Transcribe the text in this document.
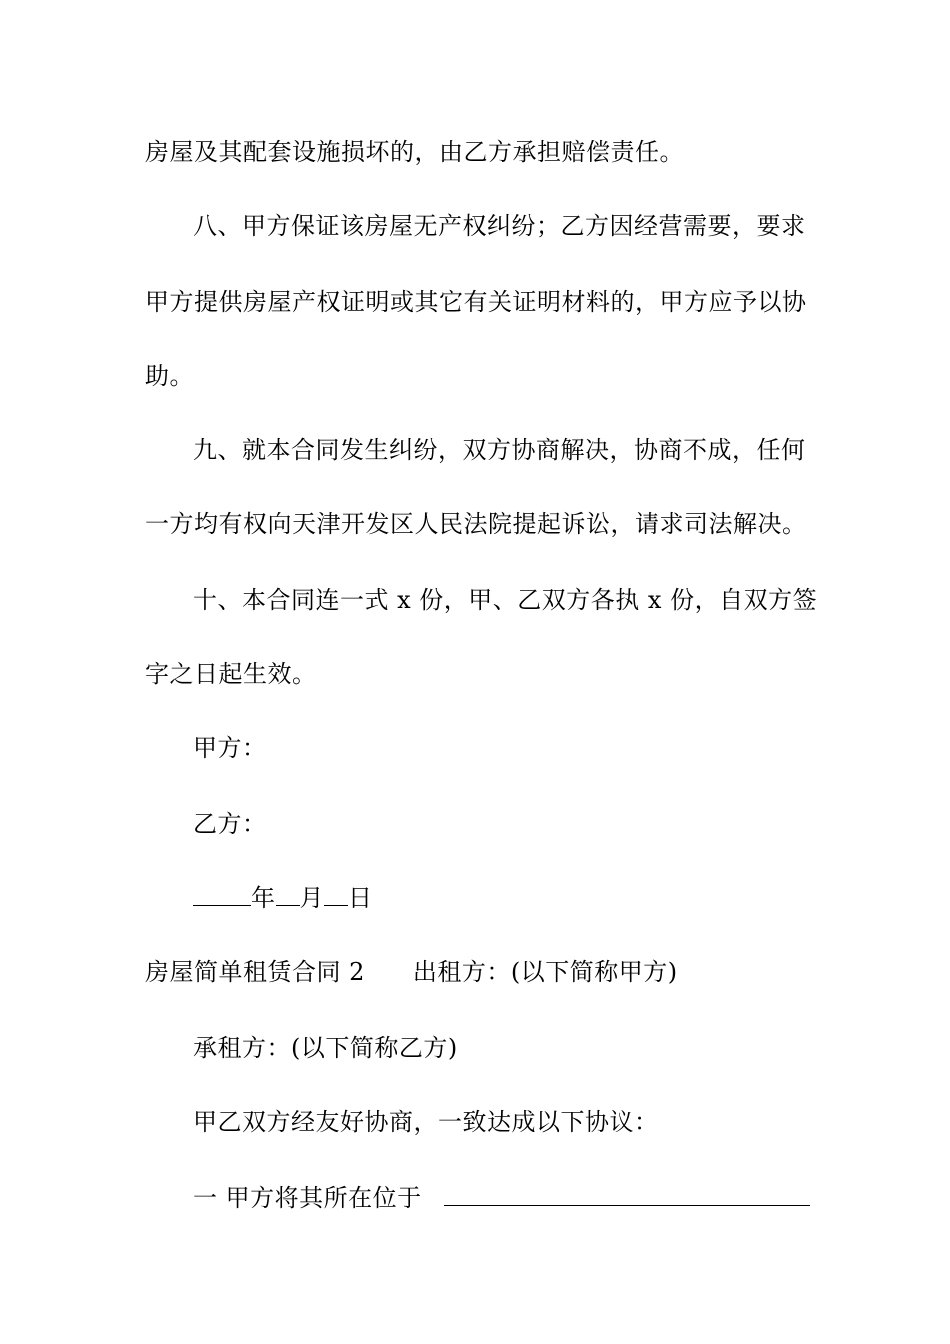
房屋及其配套设施损坏的，由乙方承担赔偿责任。
八、甲方保证该房屋无产权纠纷；乙方因经营需要，要求
甲方提供房屋产权证明或其它有关证明材料的，甲方应予以协
助。
九、就本合同发生纠纷，双方协商解决，协商不成，任何
一方均有权向天津开发区人民法院提起诉讼，请求司法解决。
十、本合同连一式 x 份，甲、乙双方各执 x 份，自双方签
字之日起生效。
甲方：
乙方：
年 月 日
房屋简单租赁合同 2 出租方：(以下简称甲方)
承租方：(以下简称乙方)
甲乙双方经友好协商，一致达成以下协议：
一 甲方将其所在位于
